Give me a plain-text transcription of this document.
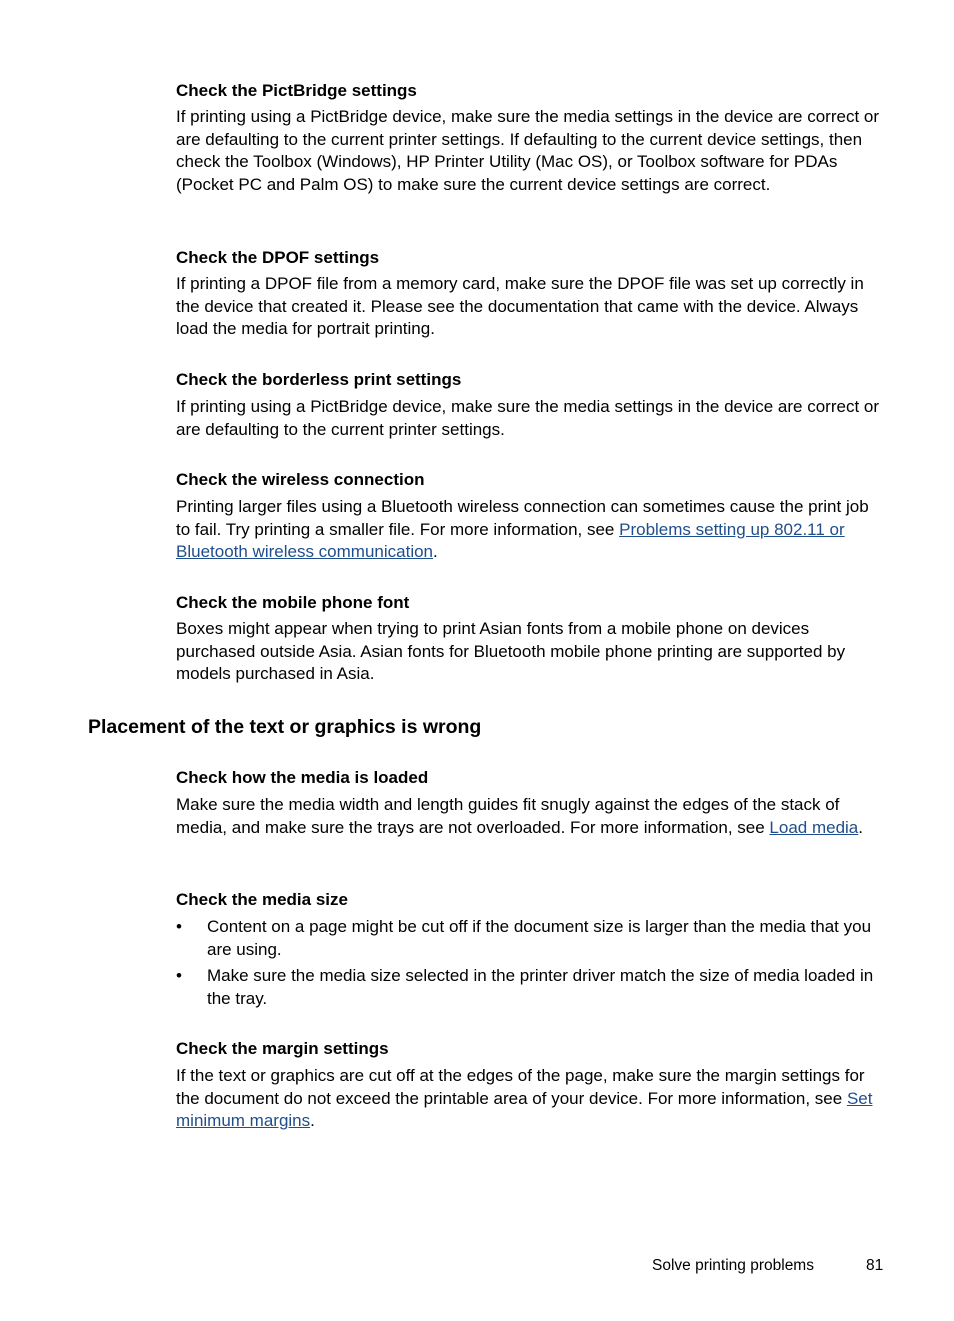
Check the PictBridge settings

If printing using a PictBridge device, make sure the media settings in the device are correct or are defaulting to the current printer settings. If defaulting to the current device settings, then check the Toolbox (Windows), HP Printer Utility (Mac OS), or Toolbox software for PDAs (Pocket PC and Palm OS) to make sure the current device settings are correct.

Check the DPOF settings

If printing a DPOF file from a memory card, make sure the DPOF file was set up correctly in the device that created it. Please see the documentation that came with the device. Always load the media for portrait printing.

Check the borderless print settings

If printing using a PictBridge device, make sure the media settings in the device are correct or are defaulting to the current printer settings.

Check the wireless connection

Printing larger files using a Bluetooth wireless connection can sometimes cause the print job to fail. Try printing a smaller file. For more information, see Problems setting up 802.11 or Bluetooth wireless communication.

Check the mobile phone font

Boxes might appear when trying to print Asian fonts from a mobile phone on devices purchased outside Asia. Asian fonts for Bluetooth mobile phone printing are supported by models purchased in Asia.

Placement of the text or graphics is wrong
Check how the media is loaded

Make sure the media width and length guides fit snugly against the edges of the stack of media, and make sure the trays are not overloaded. For more information, see Load media.

Check the media size
• Content on a page might be cut off if the document size is larger than the media that you are using.
• Make sure the media size selected in the printer driver match the size of media loaded in the tray.
Check the margin settings

If the text or graphics are cut off at the edges of the page, make sure the margin settings for the document do not exceed the printable area of your device. For more information, see Set minimum margins.

Solve printing problems	81
